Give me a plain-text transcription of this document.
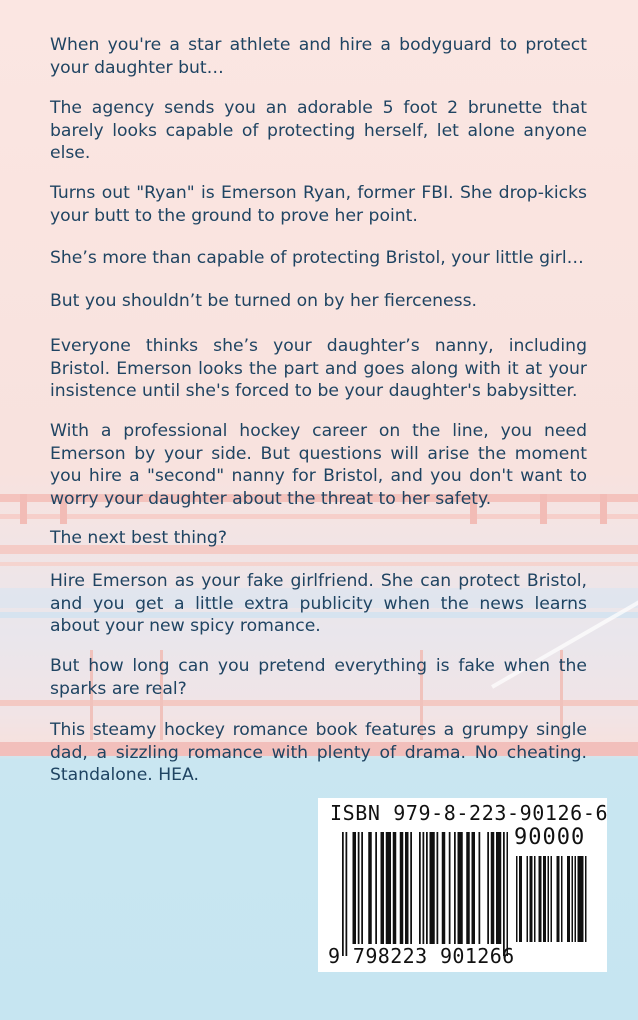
When you're a star athlete and hire a bodyguard to protect your daughter but…

The agency sends you an adorable 5 foot 2 brunette that barely looks capable of protecting herself, let alone anyone else.

Turns out "Ryan" is Emerson Ryan, former FBI. She drop-kicks your butt to the ground to prove her point.

She’s more than capable of protecting Bristol, your little girl…

But you shouldn’t be turned on by her fierceness.

Everyone thinks she’s your daughter’s nanny, including Bristol. Emerson looks the part and goes along with it at your insistence until she's forced to be your daughter's babysitter.

With a professional hockey career on the line, you need Emerson by your side. But questions will arise the moment you hire a "second" nanny for Bristol, and you don't want to worry your daughter about the threat to her safety.

The next best thing?

Hire Emerson as your fake girlfriend. She can protect Bristol, and you get a little extra publicity when the news learns about your new spicy romance.

But how long can you pretend everything is fake when the sparks are real?

This steamy hockey romance book features a grumpy single dad, a sizzling romance with plenty of drama. No cheating. Standalone. HEA.

ISBN 979-8-223-90126-6
90000
9 798223 901266
